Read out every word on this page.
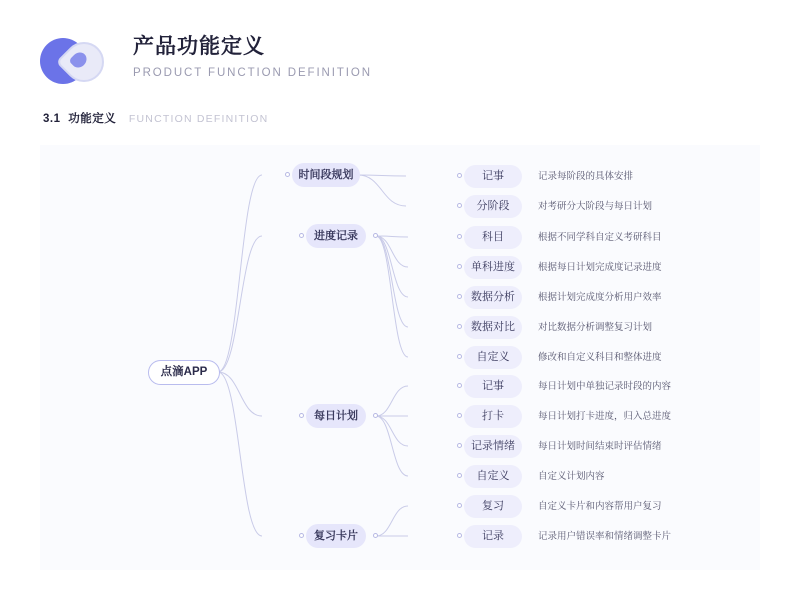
产品功能定义
PRODUCT FUNCTION DEFINITION
3.1 功能定义 FUNCTION DEFINITION
点滴APP
时间段规划
进度记录
每日计划
复习卡片
记事	记录每阶段的具体安排
分阶段	对考研分大阶段与每日计划
科目	根据不同学科自定义考研科目
单科进度	根据每日计划完成度记录进度
数据分析	根据计划完成度分析用户效率
数据对比	对比数据分析调整复习计划
自定义	修改和自定义科目和整体进度
记事	每日计划中单独记录时段的内容
打卡	每日计划打卡进度，归入总进度
记录情绪	每日计划时间结束时评估情绪
自定义	自定义计划内容
复习	自定义卡片和内容帮用户复习
记录	记录用户错误率和情绪调整卡片
